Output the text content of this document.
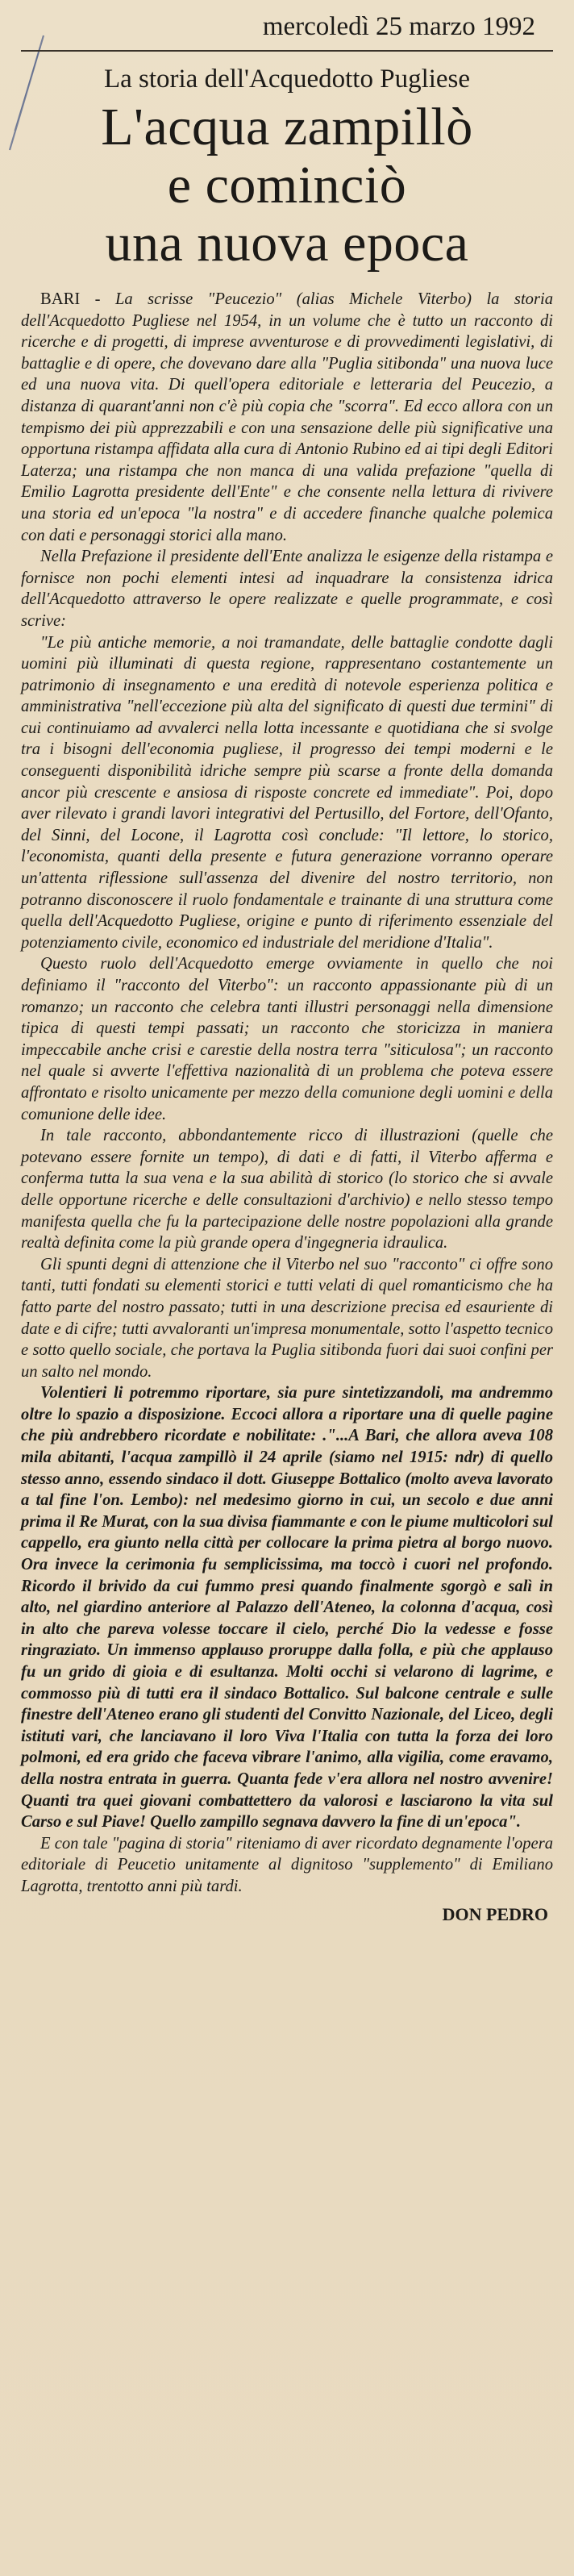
mercoledì 25 marzo 1992
La storia dell'Acquedotto Pugliese
L'acqua zampillò
e cominciò
una nuova epoca

BARI - La scrisse "Peucezio" (alias Michele Viterbo) la storia dell'Acquedotto Pugliese nel 1954, in un volume che è tutto un racconto di ricerche e di progetti, di imprese avventurose e di provvedimenti legislativi, di battaglie e di opere, che dovevano dare alla "Puglia sitibonda" una nuova luce ed una nuova vita. Di quell'opera editoriale e letteraria del Peucezio, a distanza di quarant'anni non c'è più copia che "scorra". Ed ecco allora con un tempismo dei più apprezzabili e con una sensazione delle più significative una opportuna ristampa affidata alla cura di Antonio Rubino ed ai tipi degli Editori Laterza; una ristampa che non manca di una valida prefazione "quella di Emilio Lagrotta presidente dell'Ente" e che consente nella lettura di rivivere una storia ed un'epoca "la nostra" e di accedere finanche qualche polemica con dati e personaggi storici alla mano.

Nella Prefazione il presidente dell'Ente analizza le esigenze della ristampa e fornisce non pochi elementi intesi ad inquadrare la consistenza idrica dell'Acquedotto attraverso le opere realizzate e quelle programmate, e così scrive:

"Le più antiche memorie, a noi tramandate, delle battaglie condotte dagli uomini più illuminati di questa regione, rappresentano costantemente un patrimonio di insegnamento e una eredità di notevole esperienza politica e amministrativa "nell'eccezione più alta del significato di questi due termini" di cui continuiamo ad avvalerci nella lotta incessante e quotidiana che si svolge tra i bisogni dell'economia pugliese, il progresso dei tempi moderni e le conseguenti disponibilità idriche sempre più scarse a fronte della domanda ancor più crescente e ansiosa di risposte concrete ed immediate". Poi, dopo aver rilevato i grandi lavori integrativi del Pertusillo, del Fortore, dell'Ofanto, del Sinni, del Locone, il Lagrotta così conclude: "Il lettore, lo storico, l'economista, quanti della presente e futura generazione vorranno operare un'attenta riflessione sull'assenza del divenire del nostro territorio, non potranno disconoscere il ruolo fondamentale e trainante di una struttura come quella dell'Acquedotto Pugliese, origine e punto di riferimento essenziale del potenziamento civile, economico ed industriale del meridione d'Italia".

Questo ruolo dell'Acquedotto emerge ovviamente in quello che noi definiamo il "racconto del Viterbo": un racconto appassionante più di un romanzo; un racconto che celebra tanti illustri personaggi nella dimensione tipica di questi tempi passati; un racconto che storicizza in maniera impeccabile anche crisi e carestie della nostra terra "siticulosa"; un racconto nel quale si avverte l'effettiva nazionalità di un problema che poteva essere affrontato e risolto unicamente per mezzo della comunione degli uomini e della comunione delle idee.

In tale racconto, abbondantemente ricco di illustrazioni (quelle che potevano essere fornite un tempo), di dati e di fatti, il Viterbo afferma e conferma tutta la sua vena e la sua abilità di storico (lo storico che si avvale delle opportune ricerche e delle consultazioni d'archivio) e nello stesso tempo manifesta quella che fu la partecipazione delle nostre popolazioni alla grande realtà definita come la più grande opera d'ingegneria idraulica.

Gli spunti degni di attenzione che il Viterbo nel suo "racconto" ci offre sono tanti, tutti fondati su elementi storici e tutti velati di quel romanticismo che ha fatto parte del nostro passato; tutti in una descrizione precisa ed esauriente di date e di cifre; tutti avvaloranti un'impresa monumentale, sotto l'aspetto tecnico e sotto quello sociale, che portava la Puglia sitibonda fuori dai suoi confini per un salto nel mondo.

Volentieri li potremmo riportare, sia pure sintetizzandoli, ma andremmo oltre lo spazio a disposizione. Eccoci allora a riportare una di quelle pagine che più andrebbero ricordate e nobilitate: ."...A Bari, che allora aveva 108 mila abitanti, l'acqua zampillò il 24 aprile (siamo nel 1915: ndr) di quello stesso anno, essendo sindaco il dott. Giuseppe Bottalico (molto aveva lavorato a tal fine l'on. Lembo): nel medesimo giorno in cui, un secolo e due anni prima il Re Murat, con la sua divisa fiammante e con le piume multicolori sul cappello, era giunto nella città per collocare la prima pietra al borgo nuovo. Ora invece la cerimonia fu semplicissima, ma toccò i cuori nel profondo. Ricordo il brivido da cui fummo presi quando finalmente sgorgò e salì in alto, nel giardino anteriore al Palazzo dell'Ateneo, la colonna d'acqua, così in alto che pareva volesse toccare il cielo, perché Dio la vedesse e fosse ringraziato. Un immenso applauso proruppe dalla folla, e più che applauso fu un grido di gioia e di esultanza. Molti occhi si velarono di lagrime, e commosso più di tutti era il sindaco Bottalico. Sul balcone centrale e sulle finestre dell'Ateneo erano gli studenti del Convitto Nazionale, del Liceo, degli istituti vari, che lanciavano il loro Viva l'Italia con tutta la forza dei loro polmoni, ed era grido che faceva vibrare l'animo, alla vigilia, come eravamo, della nostra entrata in guerra. Quanta fede v'era allora nel nostro avvenire! Quanti tra quei giovani combattettero da valorosi e lasciarono la vita sul Carso e sul Piave! Quello zampillo segnava davvero la fine di un'epoca".

E con tale "pagina di storia" riteniamo di aver ricordato degnamente l'opera editoriale di Peucetio unitamente al dignitoso "supplemento" di Emiliano Lagrotta, trentotto anni più tardi.

DON PEDRO
